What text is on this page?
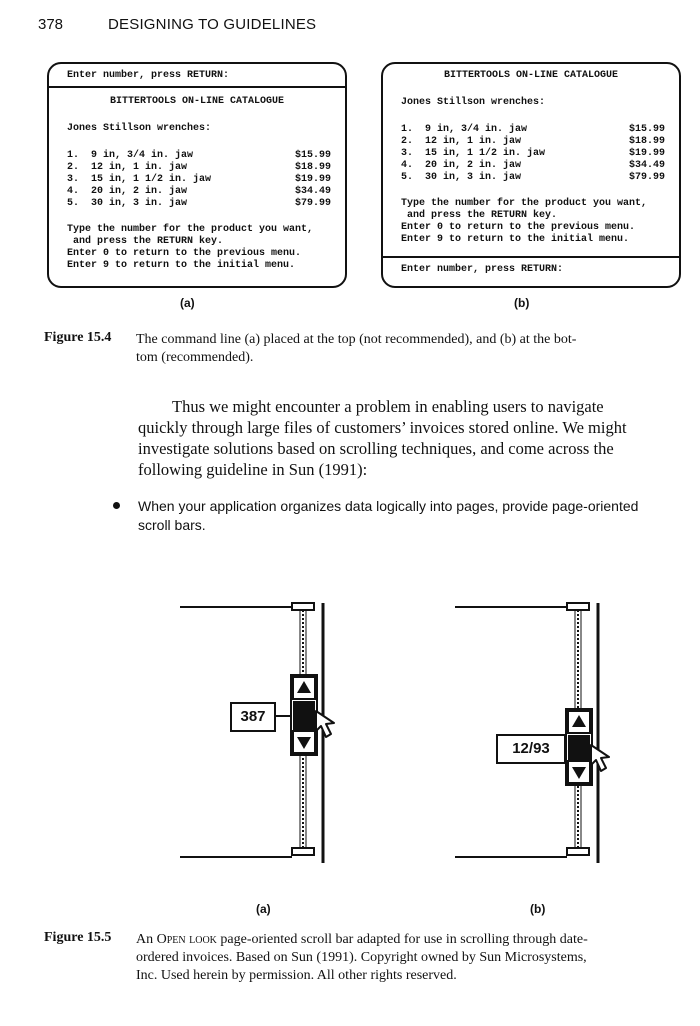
378	DESIGNING TO GUIDELINES
Enter number, press RETURN:
BITTERTOOLS ON-LINE CATALOGUE
Jones Stillson wrenches:
1.  9 in, 3/4 in. jaw	$15.99
2.  12 in, 1 in. jaw	$18.99
3.  15 in, 1 1/2 in. jaw	$19.99
4.  20 in, 2 in. jaw	$34.49
5.  30 in, 3 in. jaw	$79.99
Type the number for the product you want,
and press the RETURN key.
Enter 0 to return to the previous menu.
Enter 9 to return to the initial menu.
BITTERTOOLS ON-LINE CATALOGUE
Jones Stillson wrenches:
1.  9 in, 3/4 in. jaw	$15.99
2.  12 in, 1 in. jaw	$18.99
3.  15 in, 1 1/2 in. jaw	$19.99
4.  20 in, 2 in. jaw	$34.49
5.  30 in, 3 in. jaw	$79.99
Type the number for the product you want,
and press the RETURN key.
Enter 0 to return to the previous menu.
Enter 9 to return to the initial menu.
Enter number, press RETURN:
(a)	(b)
Figure 15.4 The command line (a) placed at the top (not recommended), and (b) at the bot-
tom (recommended).
Thus we might encounter a problem in enabling users to navigate
quickly through large files of customers’ invoices stored online. We might
investigate solutions based on scrolling techniques, and come across the
following guideline in Sun (1991):
When your application organizes data logically into pages, provide page-oriented
scroll bars.
387
12/93
(a)	(b)
Figure 15.5 An Open look page-oriented scroll bar adapted for use in scrolling through date-
ordered invoices. Based on Sun (1991). Copyright owned by Sun Microsystems,
Inc. Used herein by permission. All other rights reserved.
